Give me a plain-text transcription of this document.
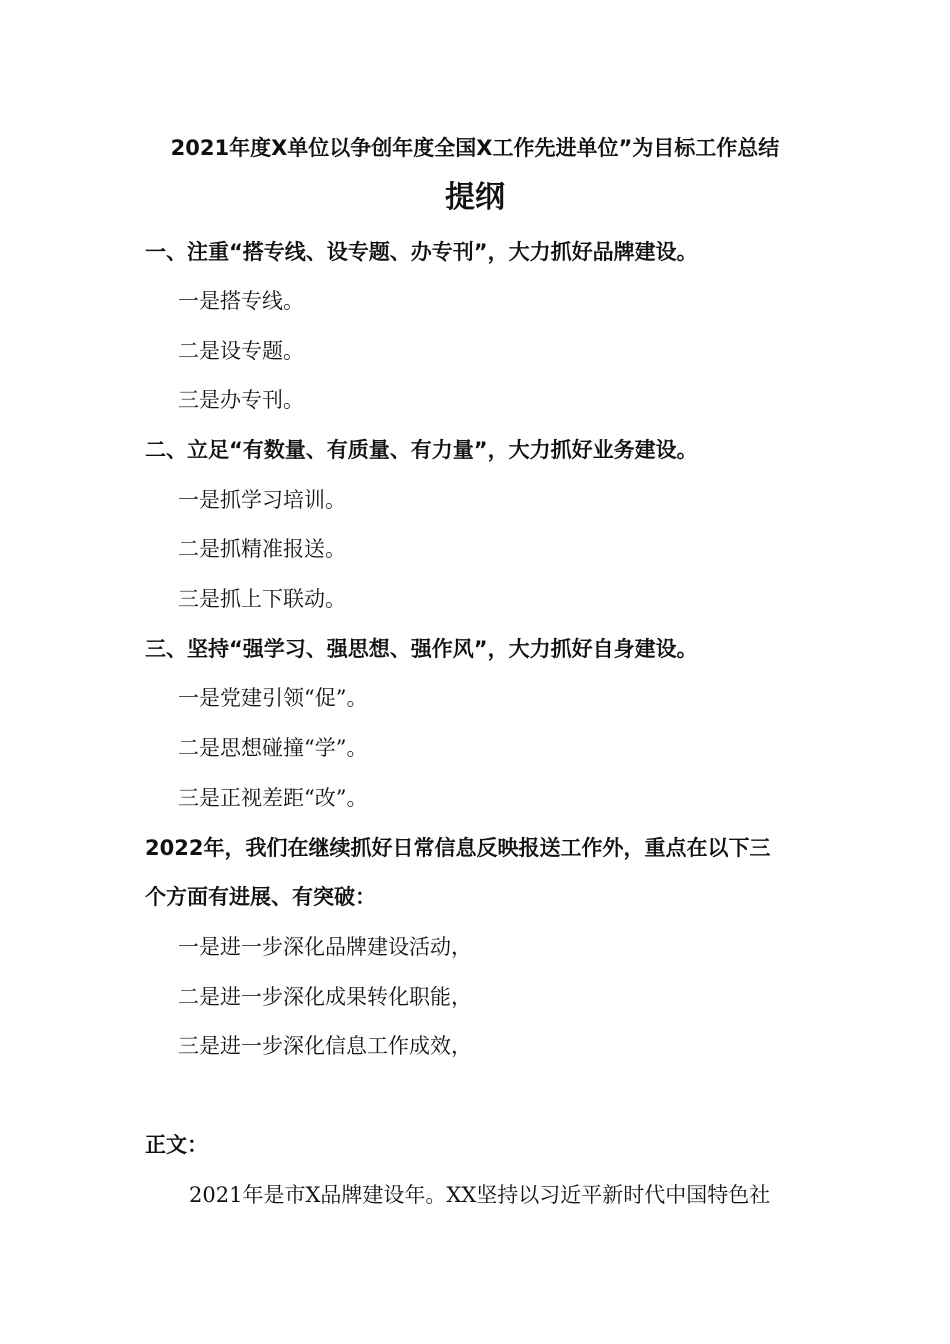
2021年度X单位以争创年度全国X工作先进单位”为目标工作总结
提纲
一、注重“搭专线、设专题、办专刊”，大力抓好品牌建设。
一是搭专线。
二是设专题。
三是办专刊。
二、立足“有数量、有质量、有力量”，大力抓好业务建设。
一是抓学习培训。
二是抓精准报送。
三是抓上下联动。
三、坚持“强学习、强思想、强作风”，大力抓好自身建设。
一是党建引领“促”。
二是思想碰撞“学”。
三是正视差距“改”。
2022年，我们在继续抓好日常信息反映报送工作外，重点在以下三
个方面有进展、有突破：
一是进一步深化品牌建设活动，
二是进一步深化成果转化职能，
三是进一步深化信息工作成效，
正文：
2021年是市X品牌建设年。XX坚持以习近平新时代中国特色社
